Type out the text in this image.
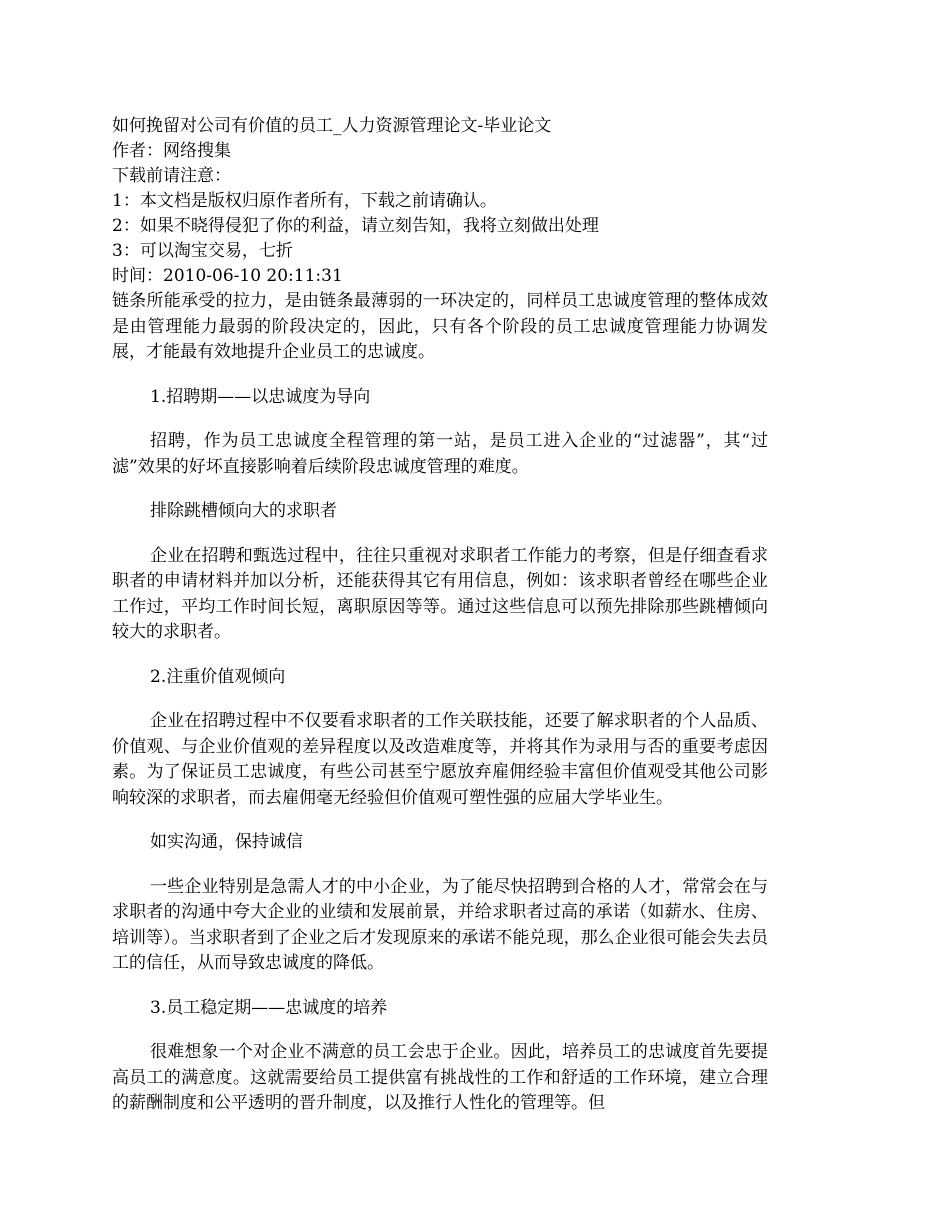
如何挽留对公司有价值的员工_人力资源管理论文-毕业论文

作者：网络搜集

下载前请注意：

1：本文档是版权归原作者所有，下载之前请确认。

2：如果不晓得侵犯了你的利益，请立刻告知，我将立刻做出处理

3：可以淘宝交易，七折

时间：2010-06-10 20:11:31

链条所能承受的拉力，是由链条最薄弱的一环决定的，同样员工忠诚度管理的整体成效是由管理能力最弱的阶段决定的，因此，只有各个阶段的员工忠诚度管理能力协调发展，才能最有效地提升企业员工的忠诚度。

1.招聘期——以忠诚度为导向

招聘，作为员工忠诚度全程管理的第一站，是员工进入企业的“过滤器”，其“过滤”效果的好坏直接影响着后续阶段忠诚度管理的难度。

排除跳槽倾向大的求职者

企业在招聘和甄选过程中，往往只重视对求职者工作能力的考察，但是仔细查看求职者的申请材料并加以分析，还能获得其它有用信息，例如：该求职者曾经在哪些企业工作过，平均工作时间长短，离职原因等等。通过这些信息可以预先排除那些跳槽倾向较大的求职者。

2.注重价值观倾向

企业在招聘过程中不仅要看求职者的工作关联技能，还要了解求职者的个人品质、价值观、与企业价值观的差异程度以及改造难度等，并将其作为录用与否的重要考虑因素。为了保证员工忠诚度，有些公司甚至宁愿放弃雇佣经验丰富但价值观受其他公司影响较深的求职者，而去雇佣毫无经验但价值观可塑性强的应届大学毕业生。

如实沟通，保持诚信

一些企业特别是急需人才的中小企业，为了能尽快招聘到合格的人才，常常会在与求职者的沟通中夸大企业的业绩和发展前景，并给求职者过高的承诺（如薪水、住房、培训等）。当求职者到了企业之后才发现原来的承诺不能兑现，那么企业很可能会失去员工的信任，从而导致忠诚度的降低。

3.员工稳定期——忠诚度的培养

很难想象一个对企业不满意的员工会忠于企业。因此，培养员工的忠诚度首先要提高员工的满意度。这就需要给员工提供富有挑战性的工作和舒适的工作环境，建立合理的薪酬制度和公平透明的晋升制度，以及推行人性化的管理等。但
